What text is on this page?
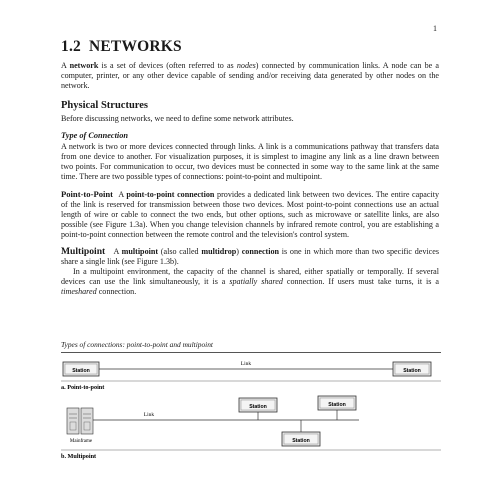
1
1.2 NETWORKS

A network is a set of devices (often referred to as nodes) connected by communication links. A node can be a computer, printer, or any other device capable of sending and/or receiving data generated by other nodes on the network.

Physical Structures

Before discussing networks, we need to define some network attributes.

Type of Connection

A network is two or more devices connected through links. A link is a communications pathway that transfers data from one device to another. For visualization purposes, it is simplest to imagine any link as a line drawn between two points. For communication to occur, two devices must be connected in some way to the same link at the same time. There are two possible types of connections: point-to-point and multipoint.

Point-to-Point A point-to-point connection provides a dedicated link between two devices. The entire capacity of the link is reserved for transmission between those two devices. Most point-to-point connections use an actual length of wire or cable to connect the two ends, but other options, such as microwave or satellite links, are also possible (see Figure 1.3a). When you change television channels by infrared remote control, you are establishing a point-to-point connection between the remote control and the television's control system.

Multipoint A multipoint (also called multidrop) connection is one in which more than two specific devices share a single link (see Figure 1.3b).

In a multipoint environment, the capacity of the channel is shared, either spatially or temporally. If several devices can use the link simultaneously, it is a spatially shared connection. If users must take turns, it is a timeshared connection.

Types of connections: point-to-point and multipoint
Station
Link
Station
a. Point-to-point
Mainframe
Link
Station	Station
Station
b. Multipoint
